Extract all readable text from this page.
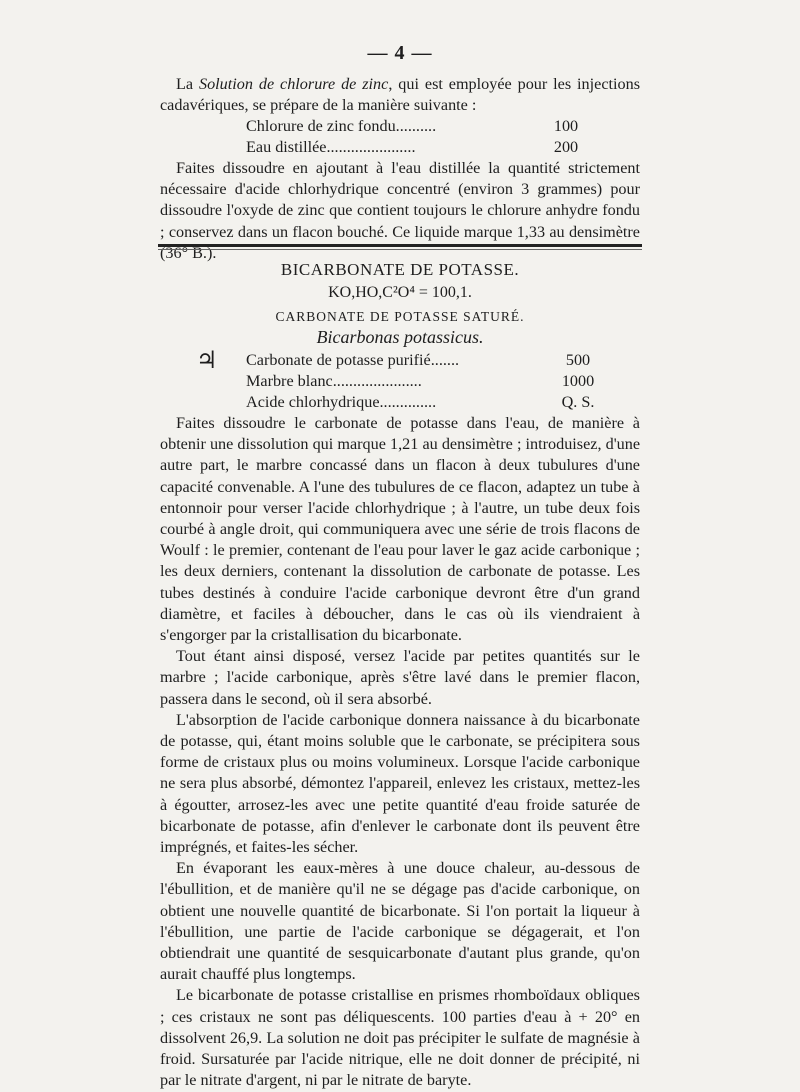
— 4 —

La Solution de chlorure de zinc, qui est employée pour les injections cadavériques, se prépare de la manière suivante :

Chlorure de zinc fondu..........	100
Eau distillée......................	200

Faites dissoudre en ajoutant à l'eau distillée la quantité strictement nécessaire d'acide chlorhydrique concentré (environ 3 grammes) pour dissoudre l'oxyde de zinc que contient toujours le chlorure anhydre fondu ; conservez dans un flacon bouché. Ce liquide marque 1,33 au densimètre (36° B.).

BICARBONATE DE POTASSE.
KO,HO,C²O⁴ = 100,1.
CARBONATE DE POTASSE SATURÉ.
Bicarbonas potassicus.
♃ Carbonate de potasse purifié.......	500
Marbre blanc......................	1000
Acide chlorhydrique..............	Q. S.

Faites dissoudre le carbonate de potasse dans l'eau, de manière à obtenir une dissolution qui marque 1,21 au densimètre ; introduisez, d'une autre part, le marbre concassé dans un flacon à deux tubulures d'une capacité convenable. A l'une des tubulures de ce flacon, adaptez un tube à entonnoir pour verser l'acide chlorhydrique ; à l'autre, un tube deux fois courbé à angle droit, qui communiquera avec une série de trois flacons de Woulf : le premier, contenant de l'eau pour laver le gaz acide carbonique ; les deux derniers, contenant la dissolution de carbonate de potasse. Les tubes destinés à conduire l'acide carbonique devront être d'un grand diamètre, et faciles à déboucher, dans le cas où ils viendraient à s'engorger par la cristallisation du bicarbonate.

Tout étant ainsi disposé, versez l'acide par petites quantités sur le marbre ; l'acide carbonique, après s'être lavé dans le premier flacon, passera dans le second, où il sera absorbé.

L'absorption de l'acide carbonique donnera naissance à du bicarbonate de potasse, qui, étant moins soluble que le carbonate, se précipitera sous forme de cristaux plus ou moins volumineux. Lorsque l'acide carbonique ne sera plus absorbé, démontez l'appareil, enlevez les cristaux, mettez-les à égoutter, arrosez-les avec une petite quantité d'eau froide saturée de bicarbonate de potasse, afin d'enlever le carbonate dont ils peuvent être imprégnés, et faites-les sécher.

En évaporant les eaux-mères à une douce chaleur, au-dessous de l'ébullition, et de manière qu'il ne se dégage pas d'acide carbonique, on obtient une nouvelle quantité de bicarbonate. Si l'on portait la liqueur à l'ébullition, une partie de l'acide carbonique se dégagerait, et l'on obtiendrait une quantité de sesquicarbonate d'autant plus grande, qu'on aurait chauffé plus longtemps.

Le bicarbonate de potasse cristallise en prismes rhomboïdaux obliques ; ces cristaux ne sont pas déliquescents. 100 parties d'eau à + 20° en dissolvent 26,9. La solution ne doit pas précipiter le sulfate de magnésie à froid. Sursaturée par l'acide nitrique, elle ne doit donner de précipité, ni par le nitrate d'argent, ni par le nitrate de baryte.
